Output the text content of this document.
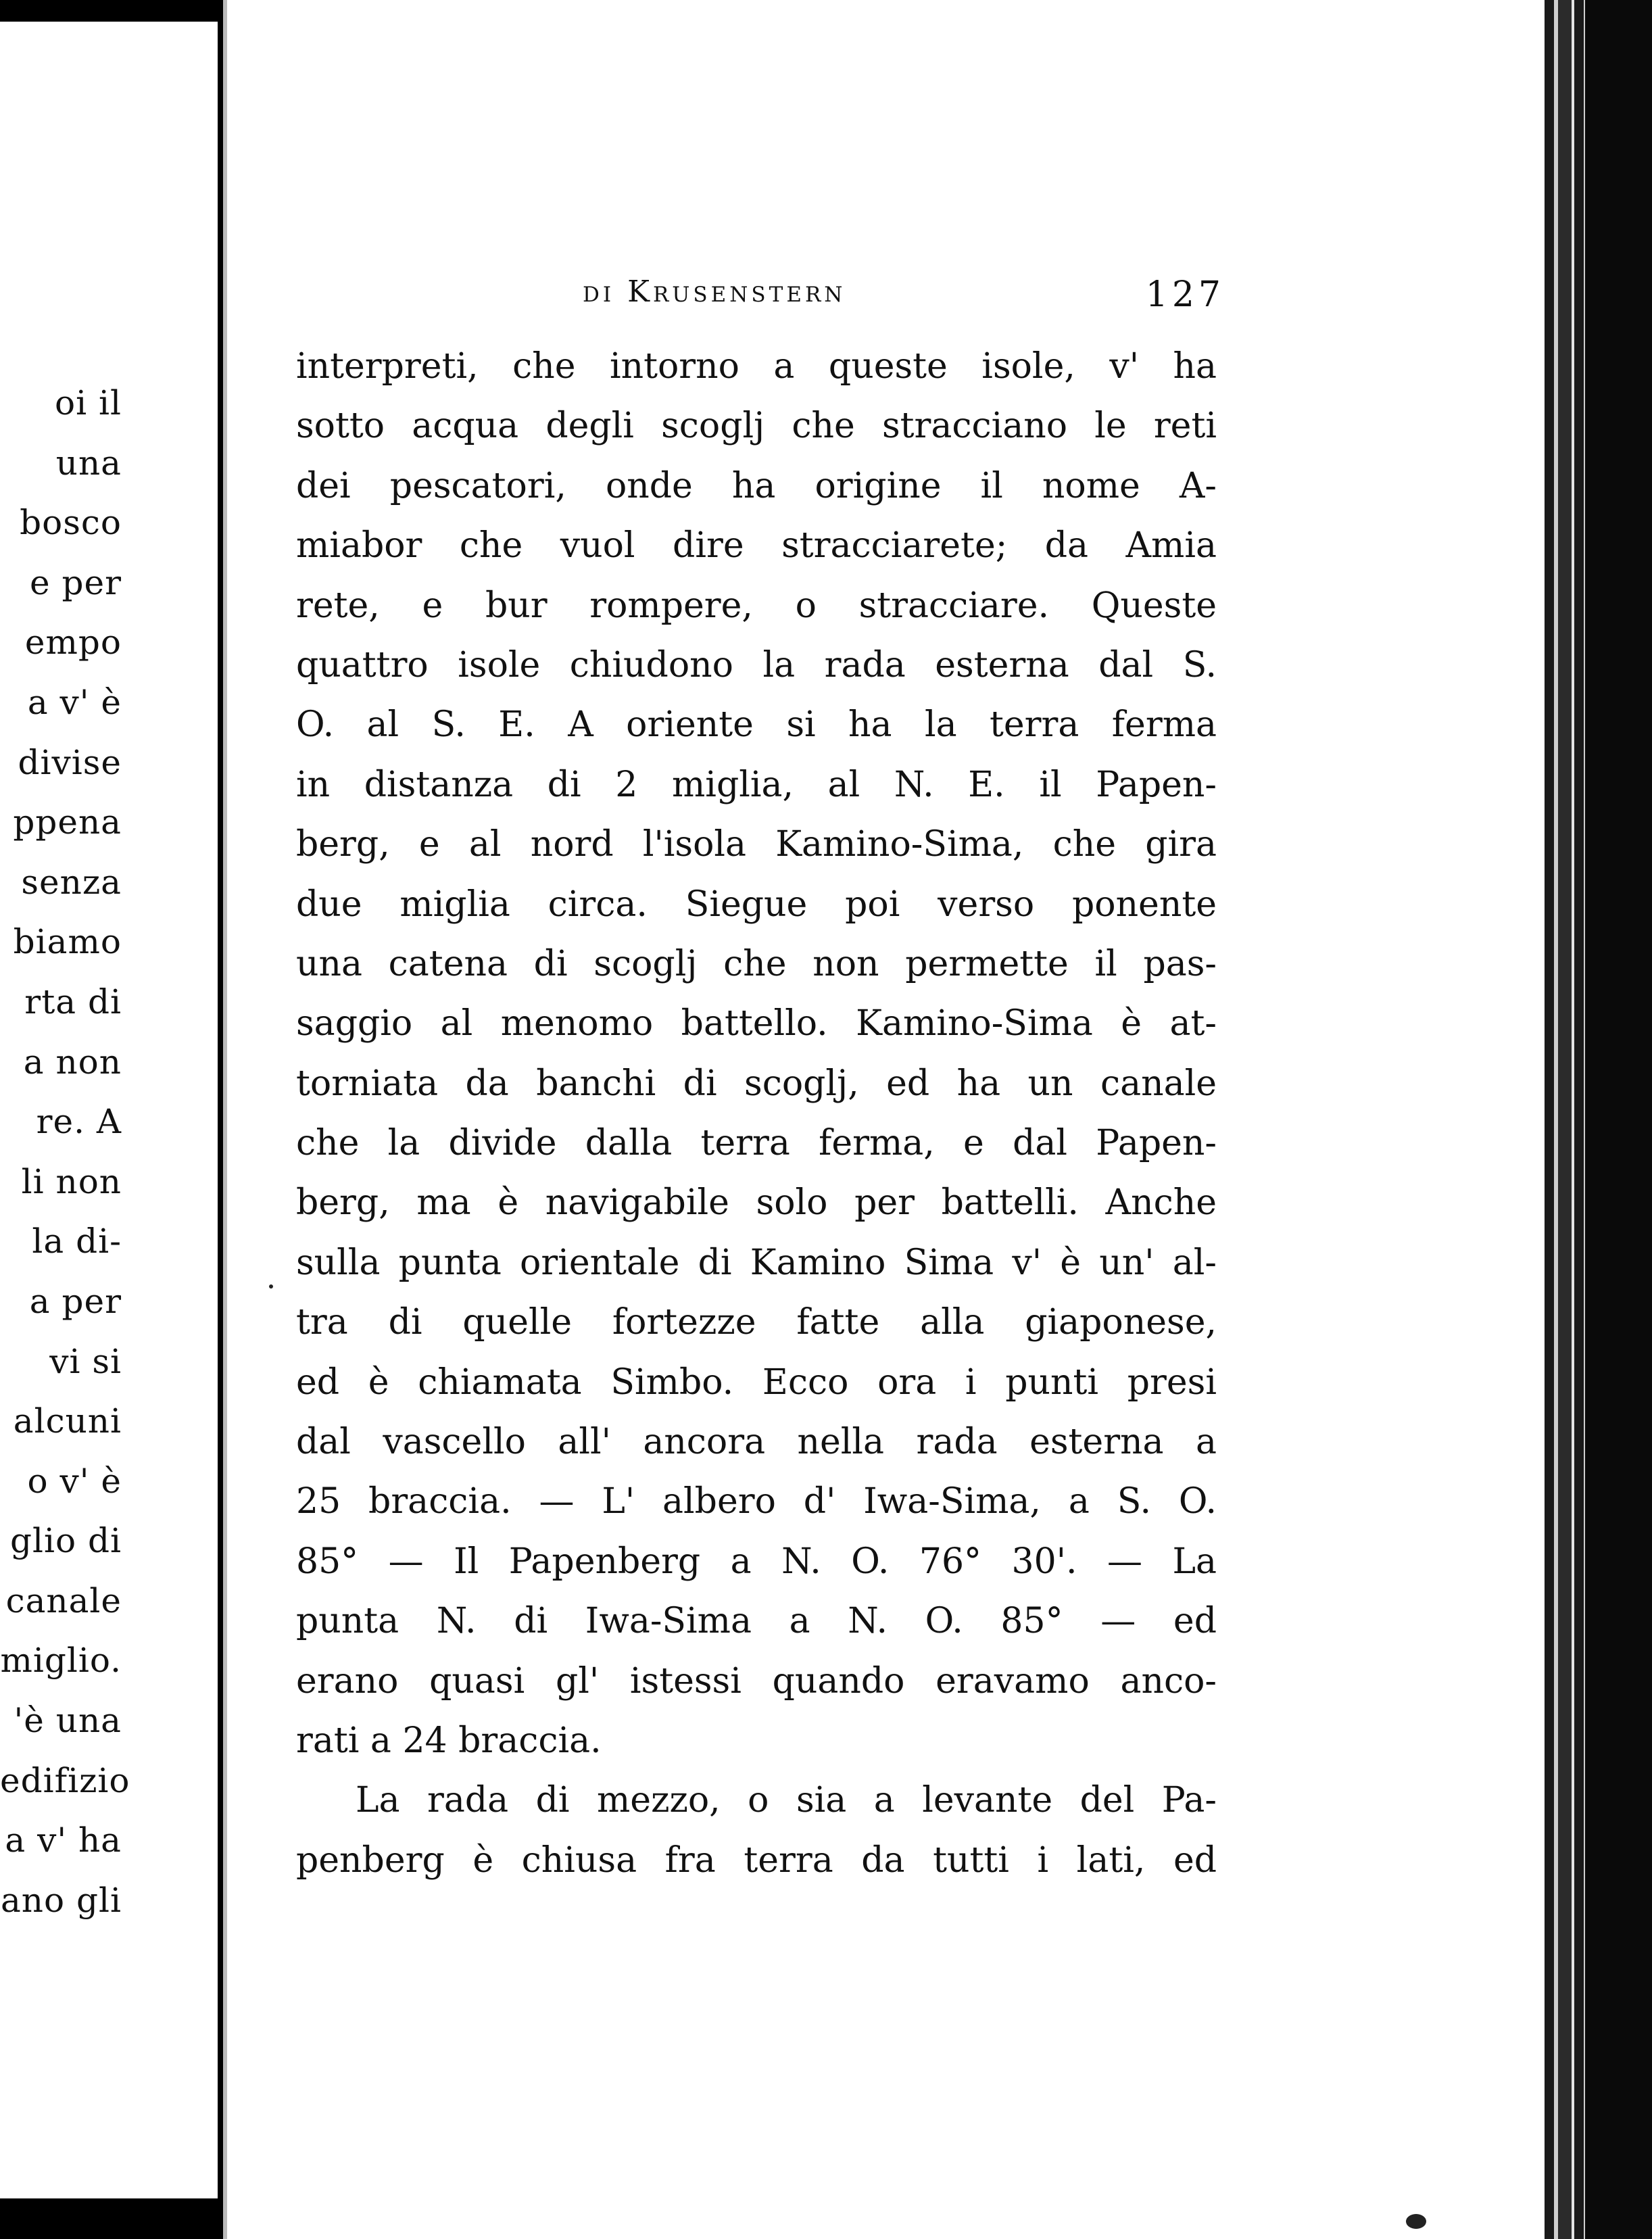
oi il
una
bosco
e per
empo
a v' è
divise
ppena
senza
biamo
rta di
a non
re. A
li non
la di-
a per
vi si
alcuni
o v' è
glio di
canale
miglio.
'è una
edifizio
a v' ha
ano gli
di Krusenstern	127
interpreti, che intorno a queste isole, v' ha
sotto acqua degli scoglj che stracciano le reti
dei pescatori, onde ha origine il nome A-
miabor che vuol dire stracciarete; da Amia
rete, e bur rompere, o stracciare. Queste
quattro isole chiudono la rada esterna dal S.
O. al S. E. A oriente si ha la terra ferma
in distanza di 2 miglia, al N. E. il Papen-
berg, e al nord l'isola Kamino-Sima, che gira
due miglia circa. Siegue poi verso ponente
una catena di scoglj che non permette il pas-
saggio al menomo battello. Kamino-Sima è at-
torniata da banchi di scoglj, ed ha un canale
che la divide dalla terra ferma, e dal Papen-
berg, ma è navigabile solo per battelli. Anche
sulla punta orientale di Kamino Sima v' è un' al-
tra di quelle fortezze fatte alla giaponese,
ed è chiamata Simbo. Ecco ora i punti presi
dal vascello all' ancora nella rada esterna a
25 braccia. — L' albero d' Iwa-Sima, a S. O.
85° — Il Papenberg a N. O. 76° 30'. — La
punta N. di Iwa-Sima a N. O. 85° — ed
erano quasi gl' istessi quando eravamo anco-
rati a 24 braccia.
La rada di mezzo, o sia a levante del Pa-
penberg è chiusa fra terra da tutti i lati, ed
